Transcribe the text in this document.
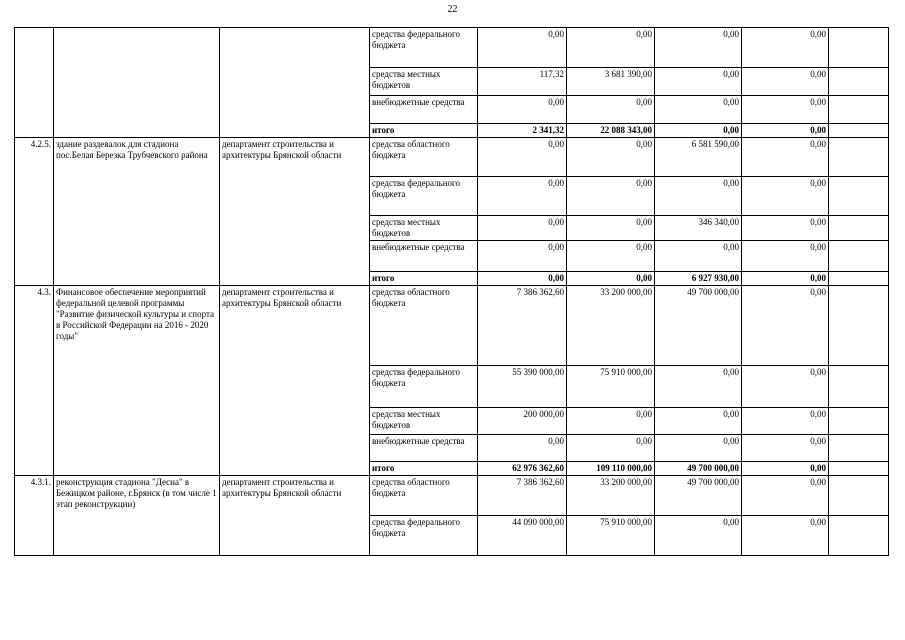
22
			средства федерального бюджета	0,00	0,00	0,00	0,00	
			средства местных бюджетов	117,32	3 681 390,00	0,00	0,00	
			внебюджетные средства	0,00	0,00	0,00	0,00	
			итого	2 341,32	22 088 343,00	0,00	0,00	
4.2.5.	здание раздевалок для стадиона пос.Белая Березка Трубчевского района	департамент строительства и архитектуры Брянской области	средства областного бюджета	0,00	0,00	6 581 590,00	0,00	
			средства федерального бюджета	0,00	0,00	0,00	0,00	
			средства местных бюджетов	0,00	0,00	346 340,00	0,00	
			внебюджетные средства	0,00	0,00	0,00	0,00	
			итого	0,00	0,00	6 927 930,00	0,00	
4.3.	Финансовое обеспечение мероприятий федеральной целевой программы "Развитие физической культуры и спорта в Российской Федерации на 2016 - 2020 годы"	департамент строительства и архитектуры Брянской области	средства областного бюджета	7 386 362,60	33 200 000,00	49 700 000,00	0,00	
			средства федерального бюджета	55 390 000,00	75 910 000,00	0,00	0,00	
			средства местных бюджетов	200 000,00	0,00	0,00	0,00	
			внебюджетные средства	0,00	0,00	0,00	0,00	
			итого	62 976 362,60	109 110 000,00	49 700 000,00	0,00	
4.3.1.	реконструкция стадиона "Десна" в Бежицком районе, г.Брянск (в том числе 1 этап реконструкции)	департамент строительства и архитектуры Брянской области	средства областного бюджета	7 386 362,60	33 200 000,00	49 700 000,00	0,00	
			средства федерального бюджета	44 090 000,00	75 910 000,00	0,00	0,00	
